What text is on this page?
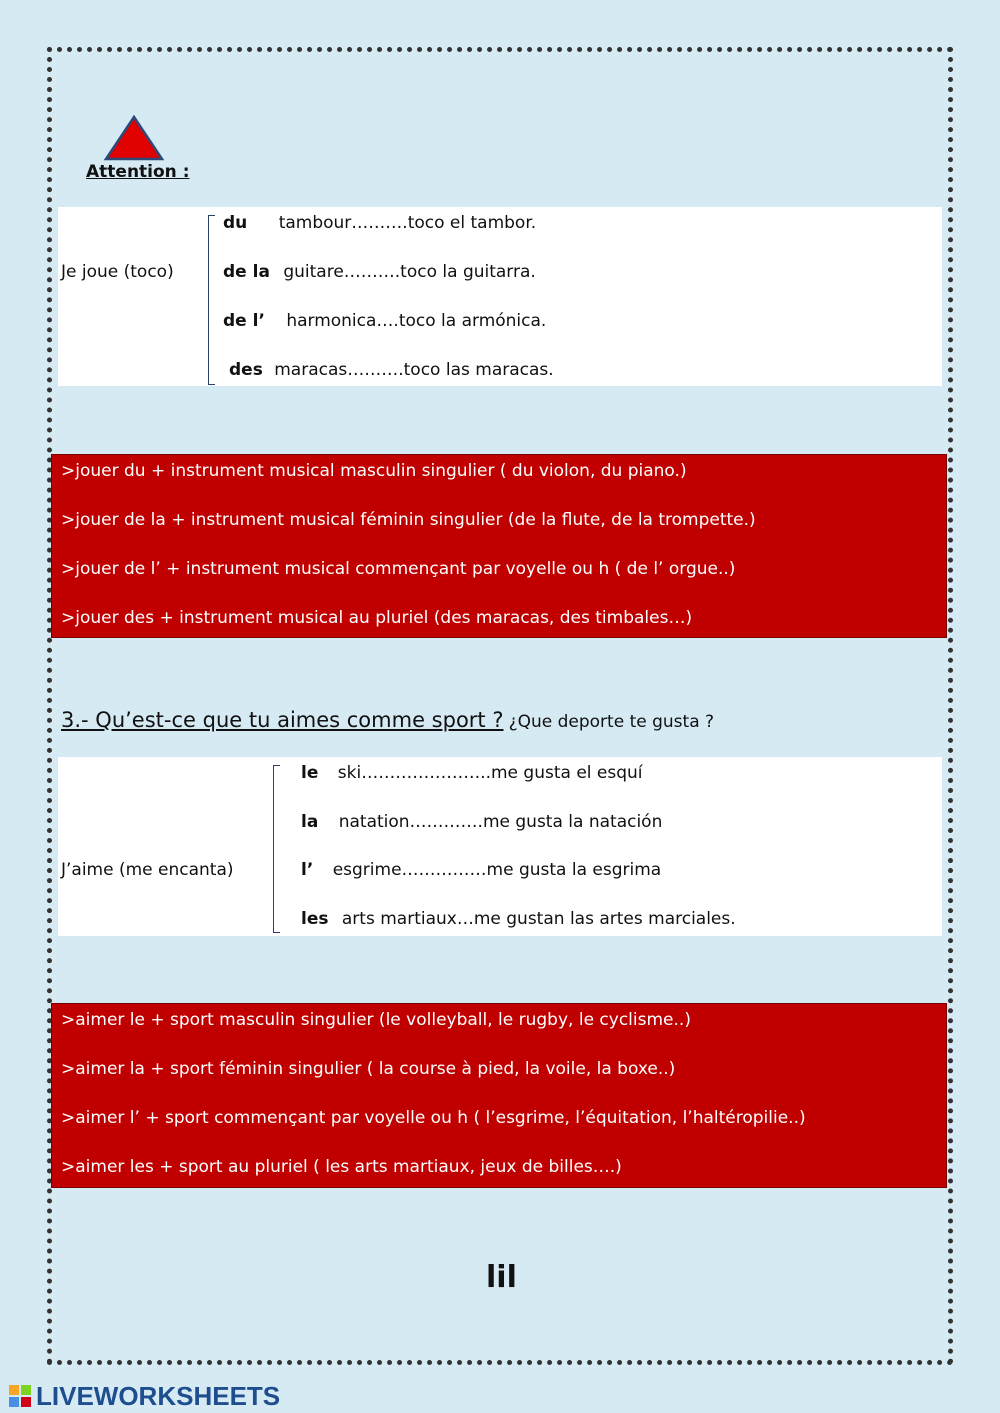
Attention :
Je joue (toco)
du tambour……….toco el tambor.
de la guitare……….toco la guitarra.
de l’ harmonica….toco la armónica.
des maracas……….toco las maracas.
>jouer du + instrument musical masculin singulier ( du violon, du piano.)
>jouer de la + instrument musical féminin singulier (de la flute, de la trompette.)
>jouer de l’ + instrument musical commençant par voyelle ou h ( de l’ orgue..)
>jouer des + instrument musical au pluriel (des maracas, des timbales…)
3.- Qu’est-ce que tu aimes comme sport ? ¿Que deporte te gusta ?
J’aime (me encanta)
le ski…………………..me gusta el esquí
la natation………….me gusta la natación
l’ esgrime……………me gusta la esgrima
les arts martiaux…me gustan las artes marciales.
>aimer le + sport masculin singulier (le volleyball, le rugby, le cyclisme..)
>aimer la + sport féminin singulier ( la course à pied, la voile, la boxe..)
>aimer l’ + sport commençant par voyelle ou h ( l’esgrime, l’équitation, l’haltéropilie..)
>aimer les + sport au pluriel ( les arts martiaux, jeux de billes….)
lil
LIVEWORKSHEETS
